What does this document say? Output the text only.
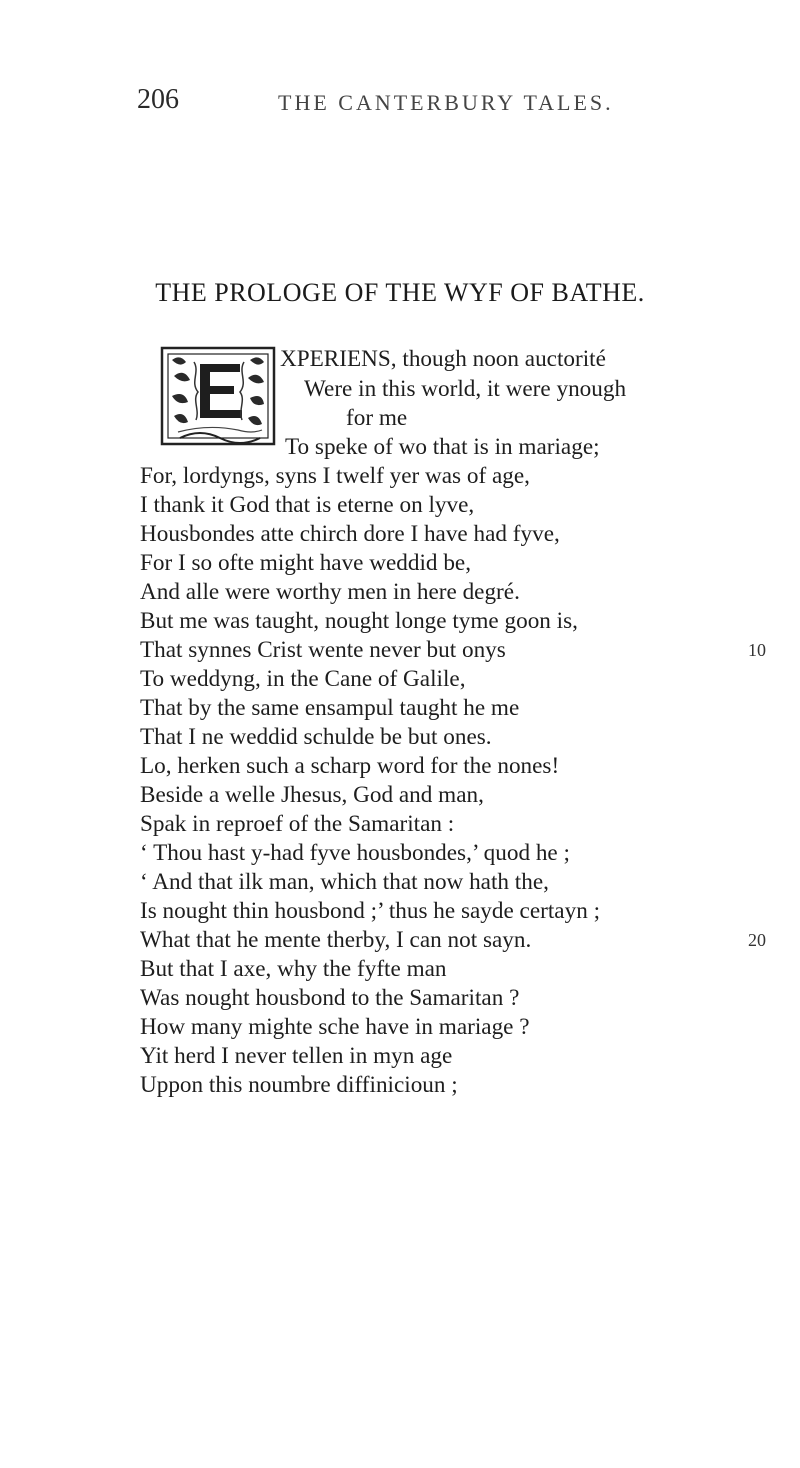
206	THE CANTERBURY TALES.
THE PROLOGE OF THE WYF OF BATHE.
XPERIENS, though noon auctorité
Were in this world, it were ynough
for me
To speke of wo that is in mariage;
For, lordyngs, syns I twelf yer was of age,
I thank it God that is eterne on lyve,
Housbondes atte chirch dore I have had fyve,
For I so ofte might have weddid be,
And alle were worthy men in here degré.
But me was taught, nought longe tyme goon is,
That synnes Crist wente never but onys
To weddyng, in the Cane of Galile,
That by the same ensampul taught he me
That I ne weddid schulde be but ones.
Lo, herken such a scharp word for the nones!
Beside a welle Jhesus, God and man,
Spak in reproef of the Samaritan :
‘ Thou hast y-had fyve housbondes,’ quod he ;
‘ And that ilk man, which that now hath the,
Is nought thin housbond ;’ thus he sayde certayn ;
What that he mente therby, I can not sayn.
But that I axe, why the fyfte man
Was nought housbond to the Samaritan ?
How many mighte sche have in mariage ?
Yit herd I never tellen in myn age
Uppon this noumbre diffinicioun ;
10
20
